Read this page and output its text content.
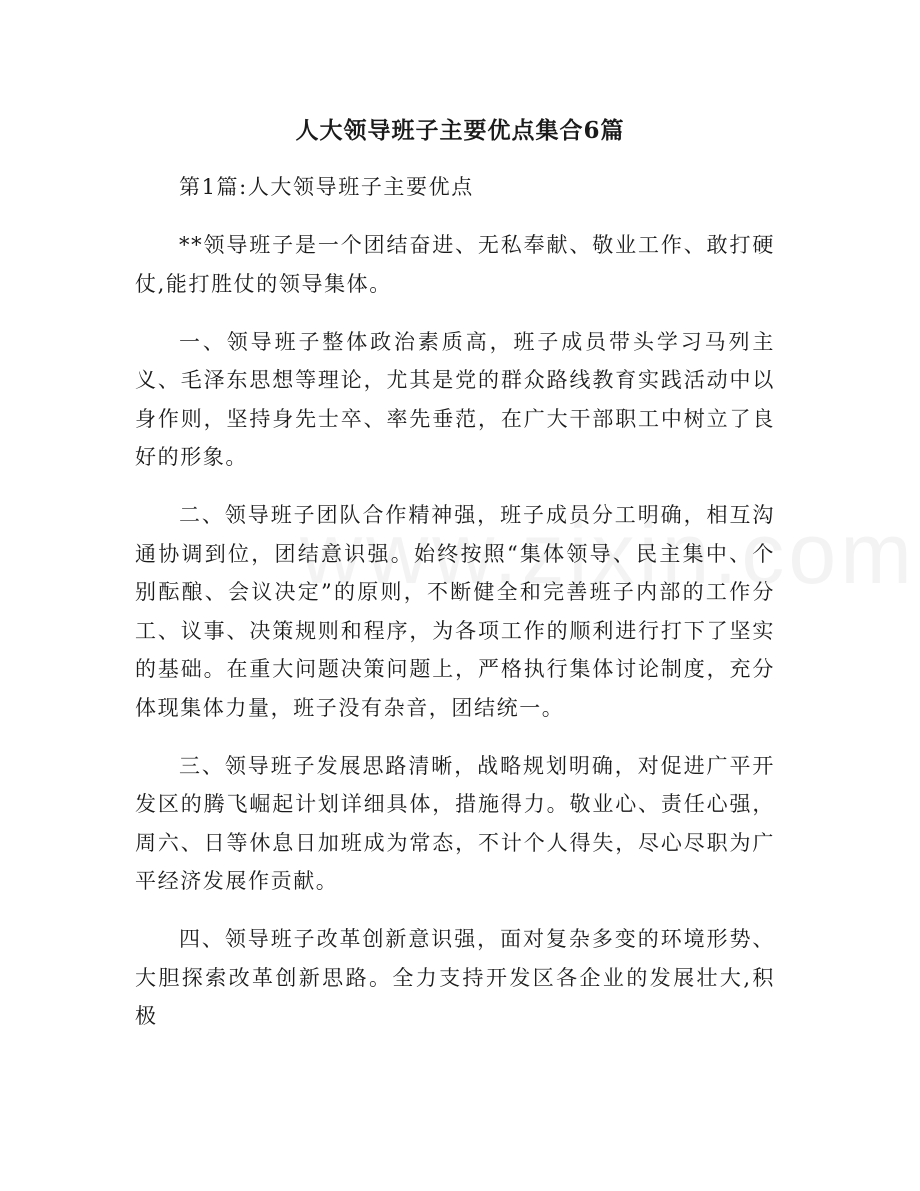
人大领导班子主要优点集合6篇

第1篇:人大领导班子主要优点

**领导班子是一个团结奋进、无私奉献、敬业工作、敢打硬仗,能打胜仗的领导集体。

一、领导班子整体政治素质高，班子成员带头学习马列主义、毛泽东思想等理论，尤其是党的群众路线教育实践活动中以身作则，坚持身先士卒、率先垂范，在广大干部职工中树立了良好的形象。

二、领导班子团队合作精神强，班子成员分工明确，相互沟通协调到位，团结意识强。始终按照“集体领导、民主集中、个别酝酿、会议决定”的原则，不断健全和完善班子内部的工作分工、议事、决策规则和程序，为各项工作的顺利进行打下了坚实的基础。在重大问题决策问题上，严格执行集体讨论制度，充分体现集体力量，班子没有杂音，团结统一。

三、领导班子发展思路清晰，战略规划明确，对促进广平开发区的腾飞崛起计划详细具体，措施得力。敬业心、责任心强，周六、日等休息日加班成为常态，不计个人得失，尽心尽职为广平经济发展作贡献。

四、领导班子改革创新意识强，面对复杂多变的环境形势、大胆探索改革创新思路。全力支持开发区各企业的发展壮大,积极
